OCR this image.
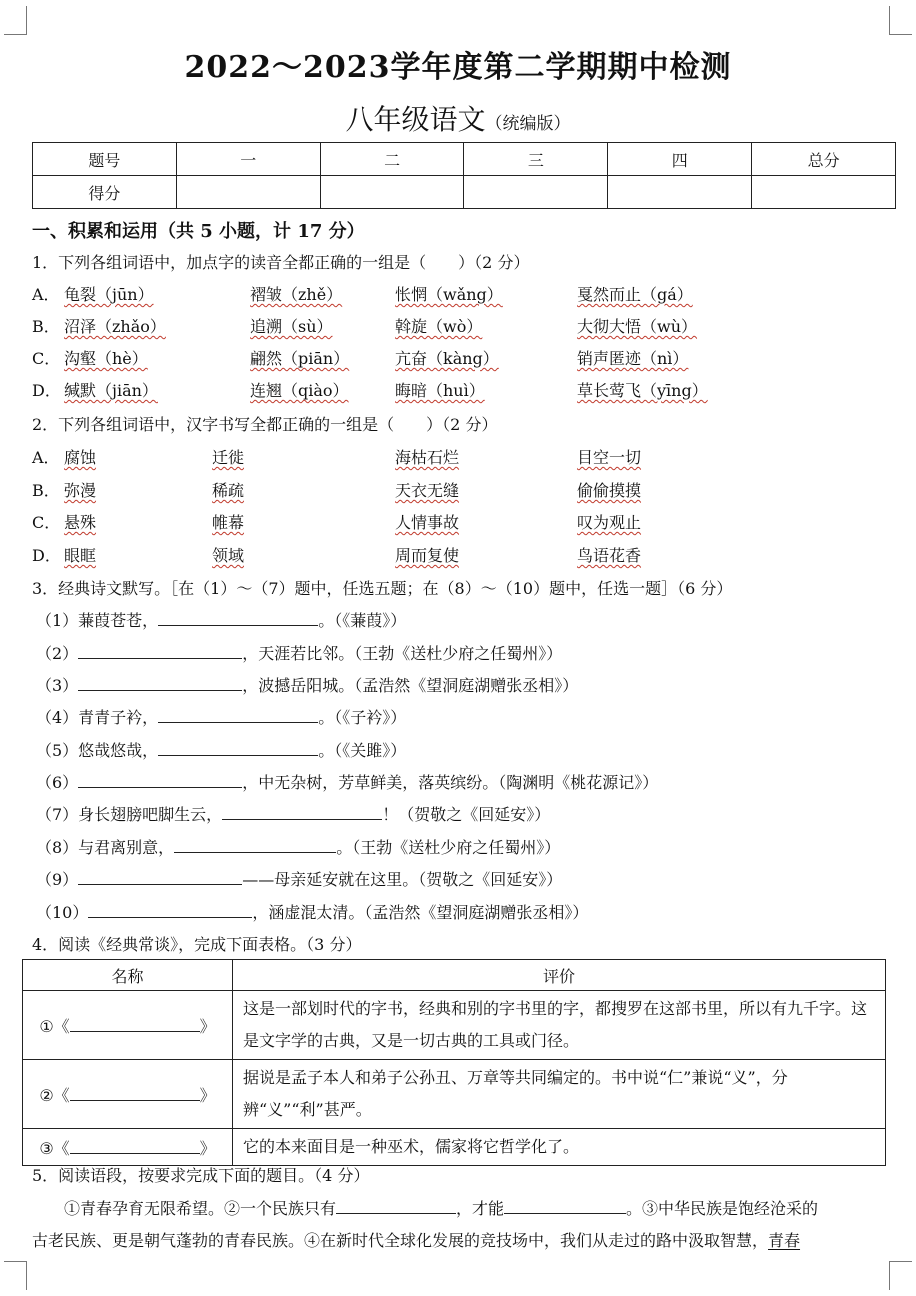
2022～2023学年度第二学期期中检测
八年级语文（统编版）
题号	一	二	三	四	总分
得分					
一、积累和运用（共 5 小题，计 17 分）
1．下列各组词语中，加点字的读音全都正确的一组是（　　）（2 分）
A． 龟裂（jūn）	褶皱（zhě）	怅惘（wǎng）	戛然而止（gá）
B． 沼泽（zhǎo）	追溯（sù）	斡旋（wò）	大彻大悟（wù）
C． 沟壑（hè）	翩然（piān）	亢奋（kàng）	销声匿迹（nì）
D． 缄默（jiān）	连翘（qiào）	晦暗（huì）	草长莺飞（yīng）
2．下列各组词语中，汉字书写全都正确的一组是（　　）（2 分）
A． 腐蚀	迁徙	海枯石烂	目空一切
B． 弥漫	稀疏	天衣无缝	偷偷摸摸
C． 悬殊	帷幕	人情事故	叹为观止
D． 眼眶	领域	周而复使	鸟语花香
3．经典诗文默写。［在（1）～（7）题中，任选五题；在（8）～（10）题中，任选一题］（6 分）
（1）蒹葭苍苍，	。（《蒹葭》）
（2）	，天涯若比邻。（王勃《送杜少府之任蜀州》）
（3）	，波撼岳阳城。（孟浩然《望洞庭湖赠张丞相》）
（4）青青子衿，	。（《子衿》）
（5）悠哉悠哉，	。（《关雎》）
（6）	，中无杂树，芳草鲜美，落英缤纷。（陶渊明《桃花源记》）
（7）身长翅膀吧脚生云，	！（贺敬之《回延安》）
（8）与君离别意，	。（王勃《送杜少府之任蜀州》）
（9）	——母亲延安就在这里。（贺敬之《回延安》）
（10）	，涵虚混太清。（孟浩然《望洞庭湖赠张丞相》）
4．阅读《经典常谈》，完成下面表格。（3 分）
名称	评价
①《 》	这是一部划时代的字书，经典和别的字书里的字，都搜罗在这部书里，所以有九千字。这是文字学的古典，又是一切古典的工具或门径。
②《 》	据说是孟子本人和弟子公孙丑、万章等共同编定的。书中说“仁”兼说“义”，分辨“义”“利”甚严。
③《 》	它的本来面目是一种巫术，儒家将它哲学化了。
5．阅读语段，按要求完成下面的题目。（4 分）
①青春孕育无限希望。②一个民族只有	，才能	。③中华民族是饱经沧采的
古老民族、更是朝气蓬勃的青春民族。④在新时代全球化发展的竞技场中，我们从走过的路中汲取智慧，青春
